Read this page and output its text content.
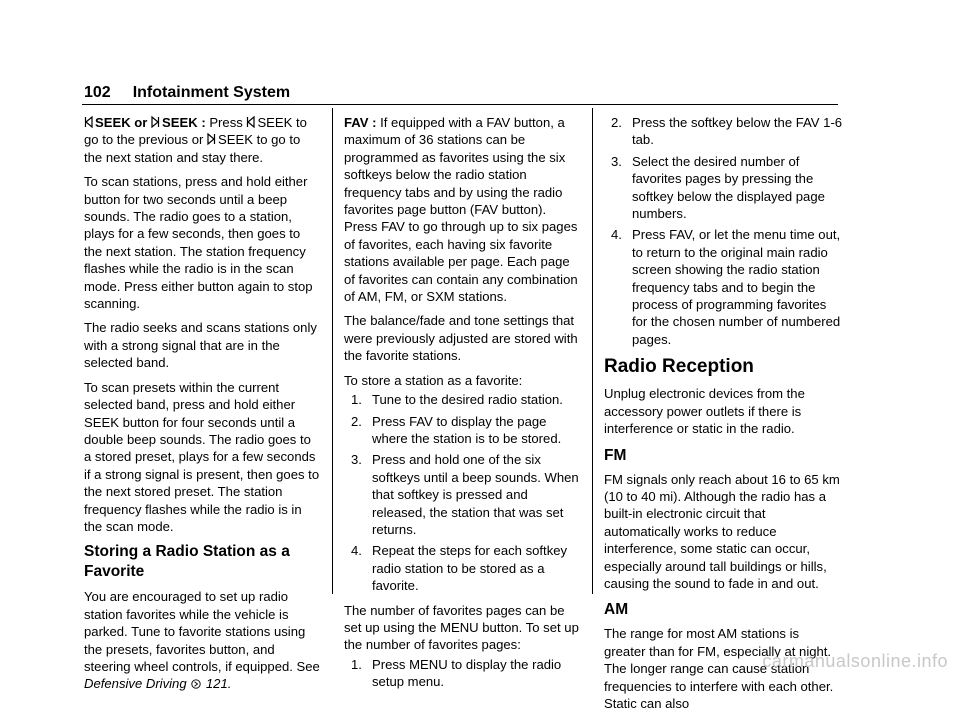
102 Infotainment System

SEEK or SEEK : Press SEEK to go to the previous or SEEK to go to the next station and stay there.

To scan stations, press and hold either button for two seconds until a beep sounds. The radio goes to a station, plays for a few seconds, then goes to the next station. The station frequency flashes while the radio is in the scan mode. Press either button again to stop scanning.

The radio seeks and scans stations only with a strong signal that are in the selected band.

To scan presets within the current selected band, press and hold either SEEK button for four seconds until a double beep sounds. The radio goes to a stored preset, plays for a few seconds if a strong signal is present, then goes to the next stored preset. The station frequency flashes while the radio is in the scan mode.

Storing a Radio Station as a Favorite

You are encouraged to set up radio station favorites while the vehicle is parked. Tune to favorite stations using the presets, favorites button, and steering wheel controls, if equipped. See Defensive Driving 121.

FAV : If equipped with a FAV button, a maximum of 36 stations can be programmed as favorites using the six softkeys below the radio station frequency tabs and by using the radio favorites page button (FAV button). Press FAV to go through up to six pages of favorites, each having six favorite stations available per page. Each page of favorites can contain any combination of AM, FM, or SXM stations.

The balance/fade and tone settings that were previously adjusted are stored with the favorite stations.

To store a station as a favorite:

1. Tune to the desired radio station.
2. Press FAV to display the page where the station is to be stored.
3. Press and hold one of the six softkeys until a beep sounds. When that softkey is pressed and released, the station that was set returns.
4. Repeat the steps for each softkey radio station to be stored as a favorite.

The number of favorites pages can be set up using the MENU button. To set up the number of favorites pages:

1. Press MENU to display the radio setup menu.
2. Press the softkey below the FAV 1-6 tab.
3. Select the desired number of favorites pages by pressing the softkey below the displayed page numbers.
4. Press FAV, or let the menu time out, to return to the original main radio screen showing the radio station frequency tabs and to begin the process of programming favorites for the chosen number of numbered pages.
Radio Reception

Unplug electronic devices from the accessory power outlets if there is interference or static in the radio.

FM

FM signals only reach about 16 to 65 km (10 to 40 mi). Although the radio has a built-in electronic circuit that automatically works to reduce interference, some static can occur, especially around tall buildings or hills, causing the sound to fade in and out.

AM

The range for most AM stations is greater than for FM, especially at night. The longer range can cause station frequencies to interfere with each other. Static can also

carmanualsonline.info
